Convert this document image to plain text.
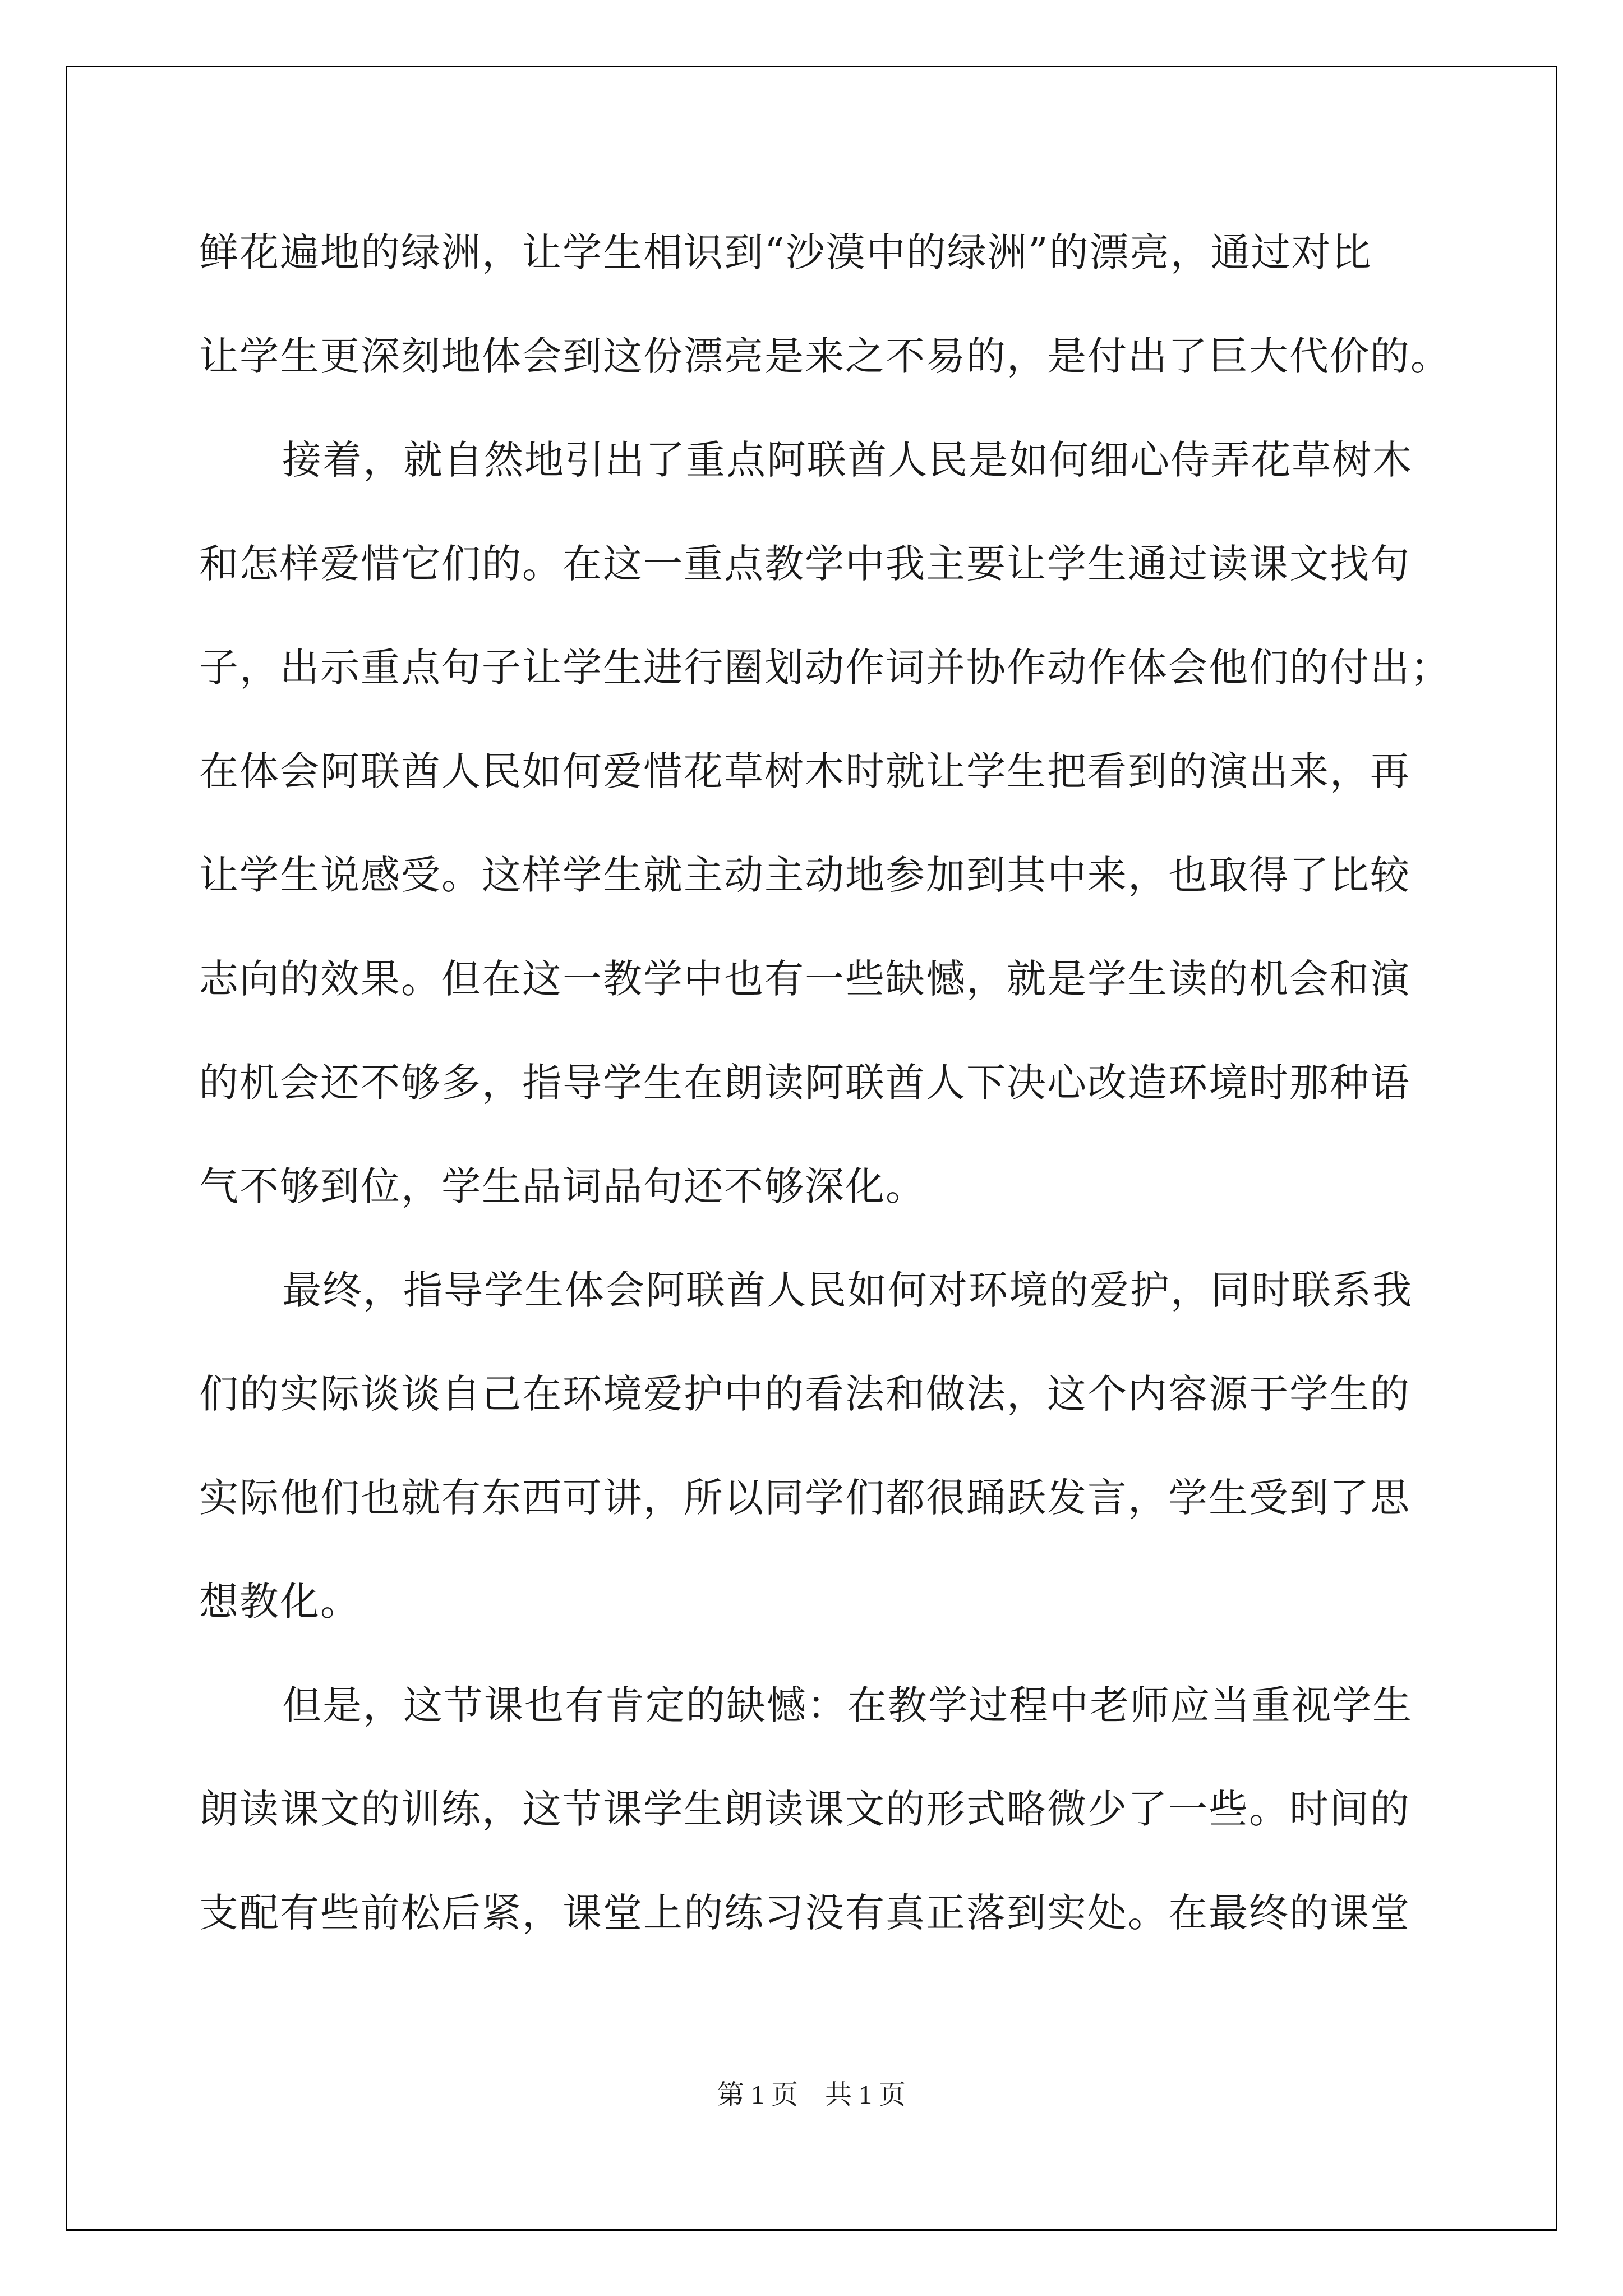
鲜花遍地的绿洲，让学生相识到“沙漠中的绿洲”的漂亮，通过对比
让学生更深刻地体会到这份漂亮是来之不易的，是付出了巨大代价的。
接着，就自然地引出了重点阿联酋人民是如何细心侍弄花草树木
和怎样爱惜它们的。在这一重点教学中我主要让学生通过读课文找句
子，出示重点句子让学生进行圈划动作词并协作动作体会他们的付出；
在体会阿联酋人民如何爱惜花草树木时就让学生把看到的演出来，再
让学生说感受。这样学生就主动主动地参加到其中来，也取得了比较
志向的效果。但在这一教学中也有一些缺憾，就是学生读的机会和演
的机会还不够多，指导学生在朗读阿联酋人下决心改造环境时那种语
气不够到位，学生品词品句还不够深化。
最终，指导学生体会阿联酋人民如何对环境的爱护，同时联系我
们的实际谈谈自己在环境爱护中的看法和做法，这个内容源于学生的
实际他们也就有东西可讲，所以同学们都很踊跃发言，学生受到了思
想教化。
但是，这节课也有肯定的缺憾：在教学过程中老师应当重视学生
朗读课文的训练，这节课学生朗读课文的形式略微少了一些。时间的
支配有些前松后紧，课堂上的练习没有真正落到实处。在最终的课堂
第 1 页　共 1 页
